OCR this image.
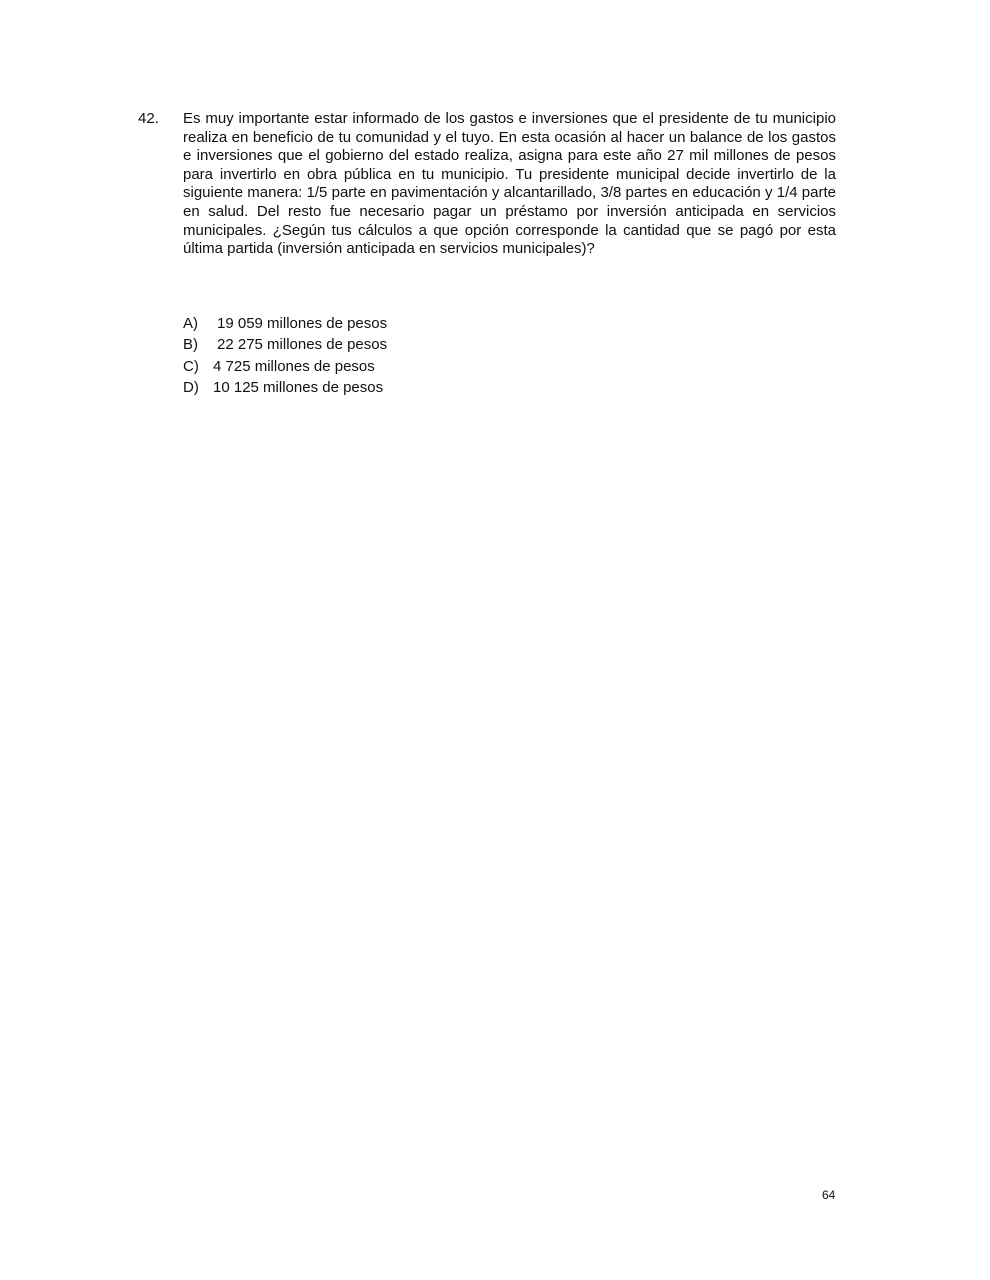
42. Es muy importante estar informado de los gastos e inversiones que el presidente de tu municipio realiza en beneficio de tu comunidad y el tuyo. En esta ocasión al hacer un balance de los gastos e inversiones que el gobierno del estado realiza, asigna para este año 27 mil millones de pesos para invertirlo en obra pública en tu municipio. Tu presidente municipal decide invertirlo de la siguiente manera: 1/5 parte en pavimentación y alcantarillado, 3/8 partes en educación y 1/4 parte en salud. Del resto fue necesario pagar un préstamo por inversión anticipada en servicios municipales. ¿Según tus cálculos a que opción corresponde la cantidad que se pagó por esta última partida (inversión anticipada en servicios municipales)?

A) 19 059 millones de pesos
B) 22 275 millones de pesos
C) 4 725 millones de pesos
D) 10 125 millones de pesos
64
